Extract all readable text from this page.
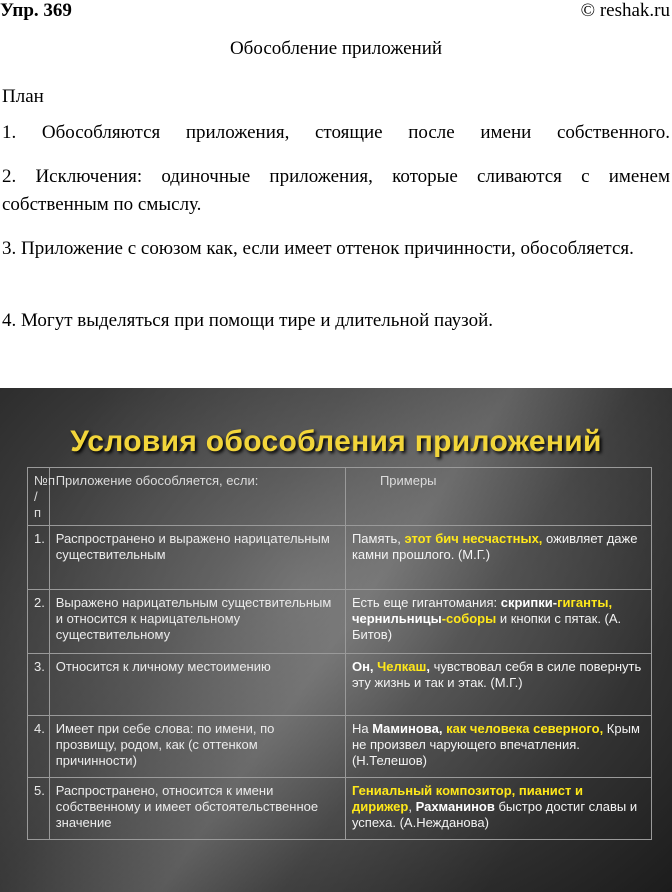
Упр. 369	© reshak.ru
Обособление приложений
План
1. Обособляются приложения, стоящие после имени собственного.
2. Исключения: одиночные приложения, которые сливаются с именем собственным по смыслу.
3. Приложение с союзом как, если имеет оттенок причинности, обособляется.
4. Могут выделяться при помощи тире и длительной паузой.
Условия обособления приложений
№п /п	Приложение обособляется, если:	Примеры
1.	Распространено и выражено нарицательным существительным	Память, этот бич несчастных, оживляет даже камни прошлого. (М.Г.)
2.	Выражено нарицательным существительным и относится к нарицательному существительному	Есть еще гигантомания: скрипки-гиганты, чернильницы-соборы и кнопки с пятак. (А. Битов)
3.	Относится к личному местоимению	Он, Челкаш, чувствовал себя в силе повернуть эту жизнь и так и этак. (М.Г.)
4.	Имеет при себе слова: по имени, по прозвищу, родом, как (с оттенком причинности)	На Маминова, как человека северного, Крым не произвел чарующего впечатления.(Н.Телешов)
5.	Распространено, относится к имени собственному и имеет обстоятельственное значение	Гениальный композитор, пианист и дирижер, Рахманинов быстро достиг славы и успеха. (А.Нежданова)
